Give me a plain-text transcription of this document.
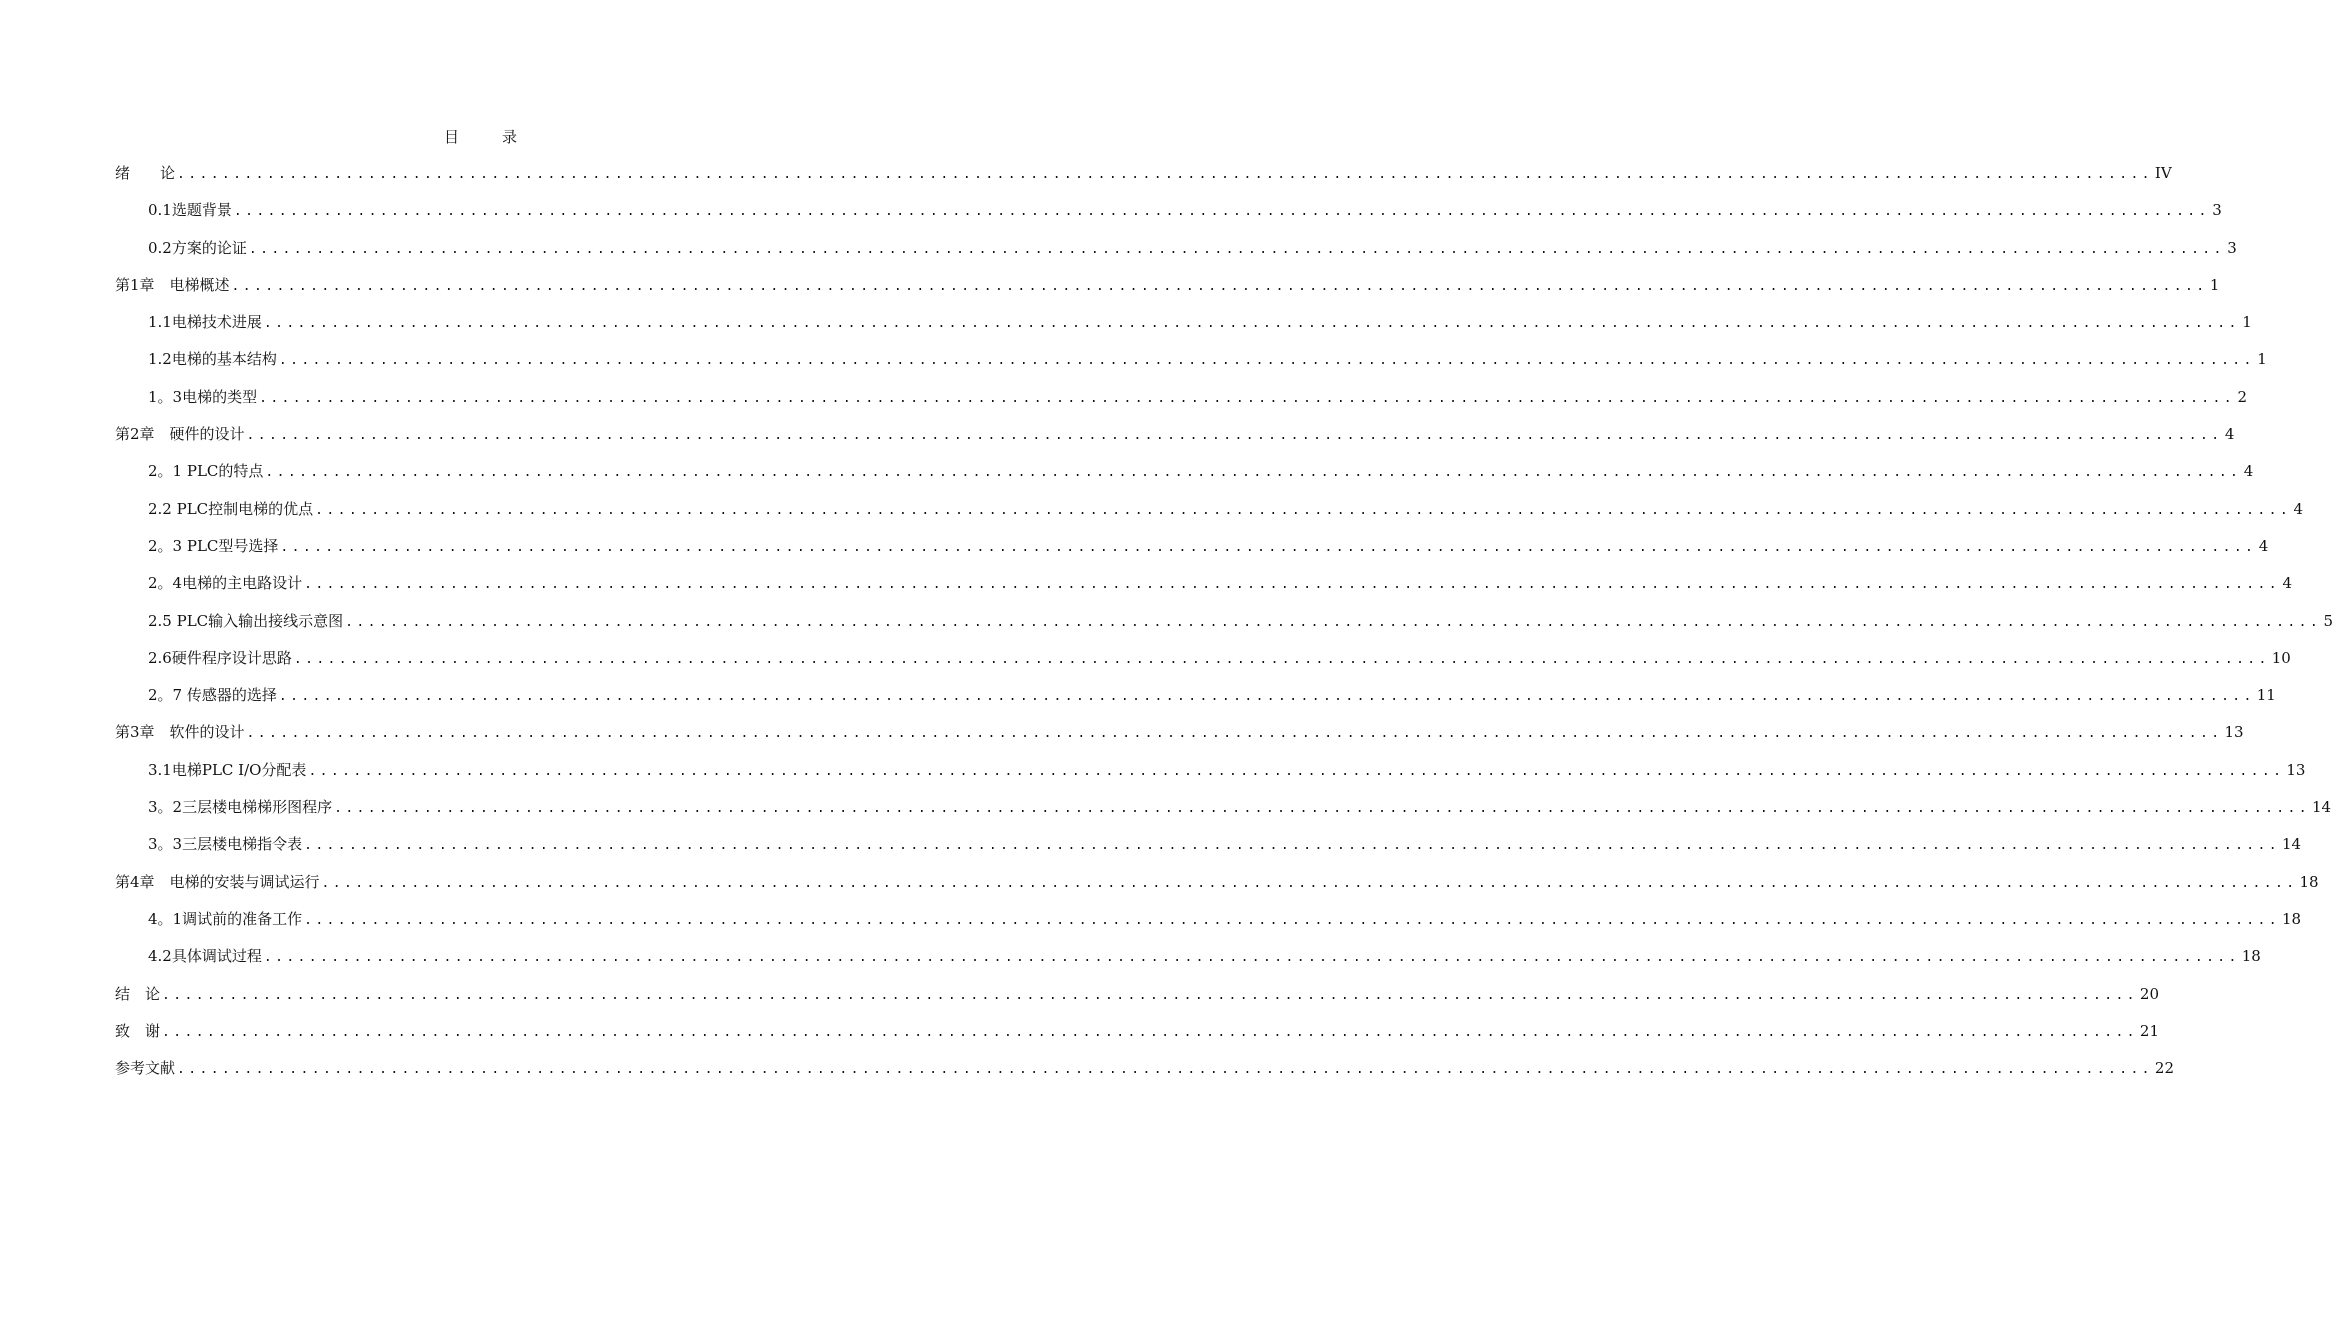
目　录
绪　　论 ................................................................................................................................................................................ IV
0.1选题背景 ................................................................................................................................................................................ 3
0.2方案的论证 ................................................................................................................................................................................ 3
第1章　电梯概述 ................................................................................................................................................................................ 1
1.1电梯技术进展 ................................................................................................................................................................................ 1
1.2电梯的基本结构 ................................................................................................................................................................................ 1
1。3电梯的类型 ................................................................................................................................................................................ 2
第2章　硬件的设计 ................................................................................................................................................................................ 4
2。1 PLC的特点 ................................................................................................................................................................................ 4
2.2 PLC控制电梯的优点 ................................................................................................................................................................................ 4
2。3 PLC型号选择 ................................................................................................................................................................................ 4
2。4电梯的主电路设计 ................................................................................................................................................................................ 4
2.5 PLC输入输出接线示意图 ................................................................................................................................................................................ 5
2.6硬件程序设计思路 ................................................................................................................................................................................ 10
2。7 传感器的选择 ................................................................................................................................................................................ 11
第3章　软件的设计 ................................................................................................................................................................................ 13
3.1电梯PLC I/O分配表 ................................................................................................................................................................................ 13
3。2三层楼电梯梯形图程序 ................................................................................................................................................................................ 14
3。3三层楼电梯指令表 ................................................................................................................................................................................ 14
第4章　电梯的安装与调试运行 ................................................................................................................................................................................ 18
4。1调试前的准备工作 ................................................................................................................................................................................ 18
4.2具体调试过程 ................................................................................................................................................................................ 18
结　论 ................................................................................................................................................................................ 20
致　谢 ................................................................................................................................................................................ 21
参考文献 ................................................................................................................................................................................ 22
